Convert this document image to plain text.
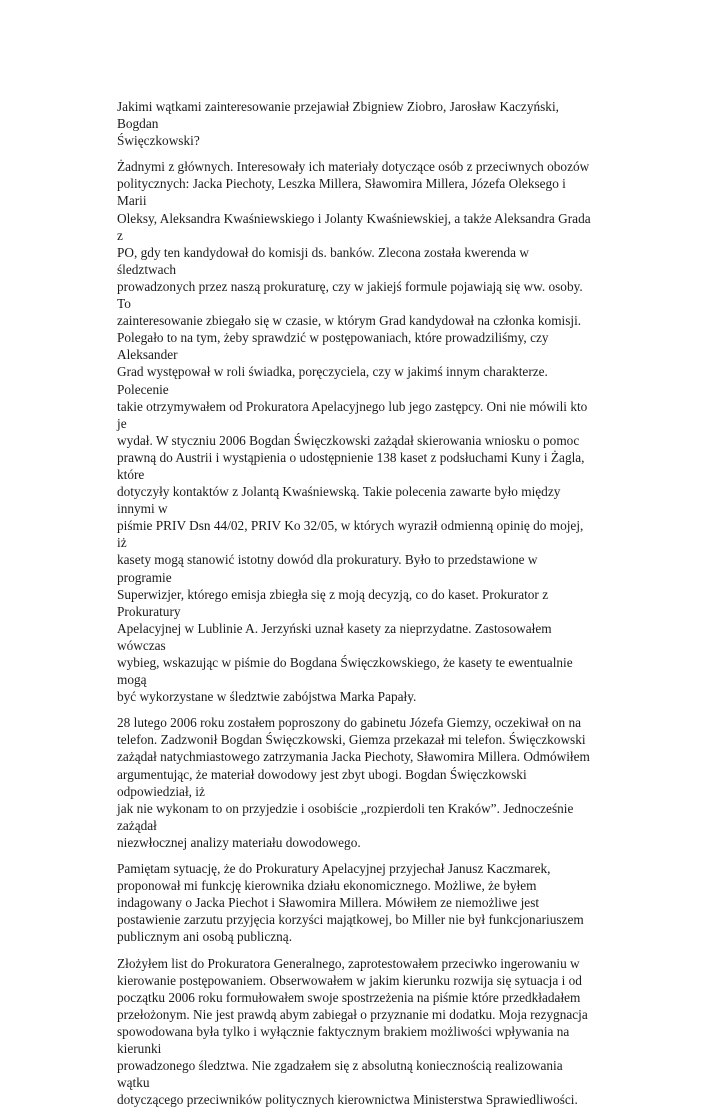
Jakimi wątkami zainteresowanie przejawiał Zbigniew Ziobro, Jarosław Kaczyński, Bogdan
Święczkowski?

Żadnymi z głównych. Interesowały ich materiały dotyczące osób z przeciwnych obozów
politycznych: Jacka Piechoty, Leszka Millera, Sławomira Millera, Józefa Oleksego i Marii
Oleksy, Aleksandra Kwaśniewskiego i Jolanty Kwaśniewskiej, a także Aleksandra Grada z
PO, gdy ten kandydował do komisji ds. banków. Zlecona została kwerenda w śledztwach
prowadzonych przez naszą prokuraturę, czy w jakiejś formule pojawiają się ww. osoby. To
zainteresowanie zbiegało się w czasie, w którym Grad kandydował na członka komisji.
Polegało to na tym, żeby sprawdzić w postępowaniach, które prowadziliśmy, czy Aleksander
Grad występował w roli świadka, poręczyciela, czy w jakimś innym charakterze. Polecenie
takie otrzymywałem od Prokuratora Apelacyjnego lub jego zastępcy. Oni nie mówili kto je
wydał. W styczniu 2006 Bogdan Święczkowski zażądał skierowania wniosku o pomoc
prawną do Austrii i wystąpienia o udostępnienie 138 kaset z podsłuchami Kuny i Żagla, które
dotyczyły kontaktów z Jolantą Kwaśniewską. Takie polecenia zawarte było między innymi w
piśmie PRIV Dsn 44/02, PRIV Ko 32/05, w których wyraził odmienną opinię do mojej, iż
kasety mogą stanowić istotny dowód dla prokuratury. Było to przedstawione w programie
Superwizjer, którego emisja zbiegła się z moją decyzją, co do kaset. Prokurator z Prokuratury
Apelacyjnej w Lublinie A. Jerzyński uznał kasety za nieprzydatne. Zastosowałem wówczas
wybieg, wskazując w piśmie do Bogdana Święczkowskiego, że kasety te ewentualnie mogą
być wykorzystane w śledztwie zabójstwa Marka Papały.

28 lutego 2006 roku zostałem poproszony do gabinetu Józefa Giemzy, oczekiwał on na
telefon. Zadzwonił Bogdan Święczkowski, Giemza przekazał mi telefon. Święczkowski
zażądał natychmiastowego zatrzymania Jacka Piechoty, Sławomira Millera. Odmówiłem
argumentując, że materiał dowodowy jest zbyt ubogi. Bogdan Święczkowski odpowiedział, iż
jak nie wykonam to on przyjedzie i osobiście „rozpierdoli ten Kraków”. Jednocześnie zażądał
niezwłocznej analizy materiału dowodowego.

Pamiętam sytuację, że do Prokuratury Apelacyjnej przyjechał Janusz Kaczmarek,
proponował mi funkcję kierownika działu ekonomicznego. Możliwe, że byłem
indagowany o Jacka Piechot i Sławomira Millera. Mówiłem ze niemożliwe jest
postawienie zarzutu przyjęcia korzyści majątkowej, bo Miller nie był funkcjonariuszem
publicznym ani osobą publiczną.

Złożyłem list do Prokuratora Generalnego, zaprotestowałem przeciwko ingerowaniu w
kierowanie postępowaniem. Obserwowałem w jakim kierunku rozwija się sytuacja i od
początku 2006 roku formułowałem swoje spostrzeżenia na piśmie które przedkładałem
przełożonym. Nie jest prawdą abym zabiegał o przyznanie mi dodatku. Moja rezygnacja
spowodowana była tylko i wyłącznie faktycznym brakiem możliwości wpływania na kierunki
prowadzonego śledztwa. Nie zgadzałem się z absolutną koniecznością realizowania wątku
dotyczącego przeciwników politycznych kierownictwa Ministerstwa Sprawiedliwości.
